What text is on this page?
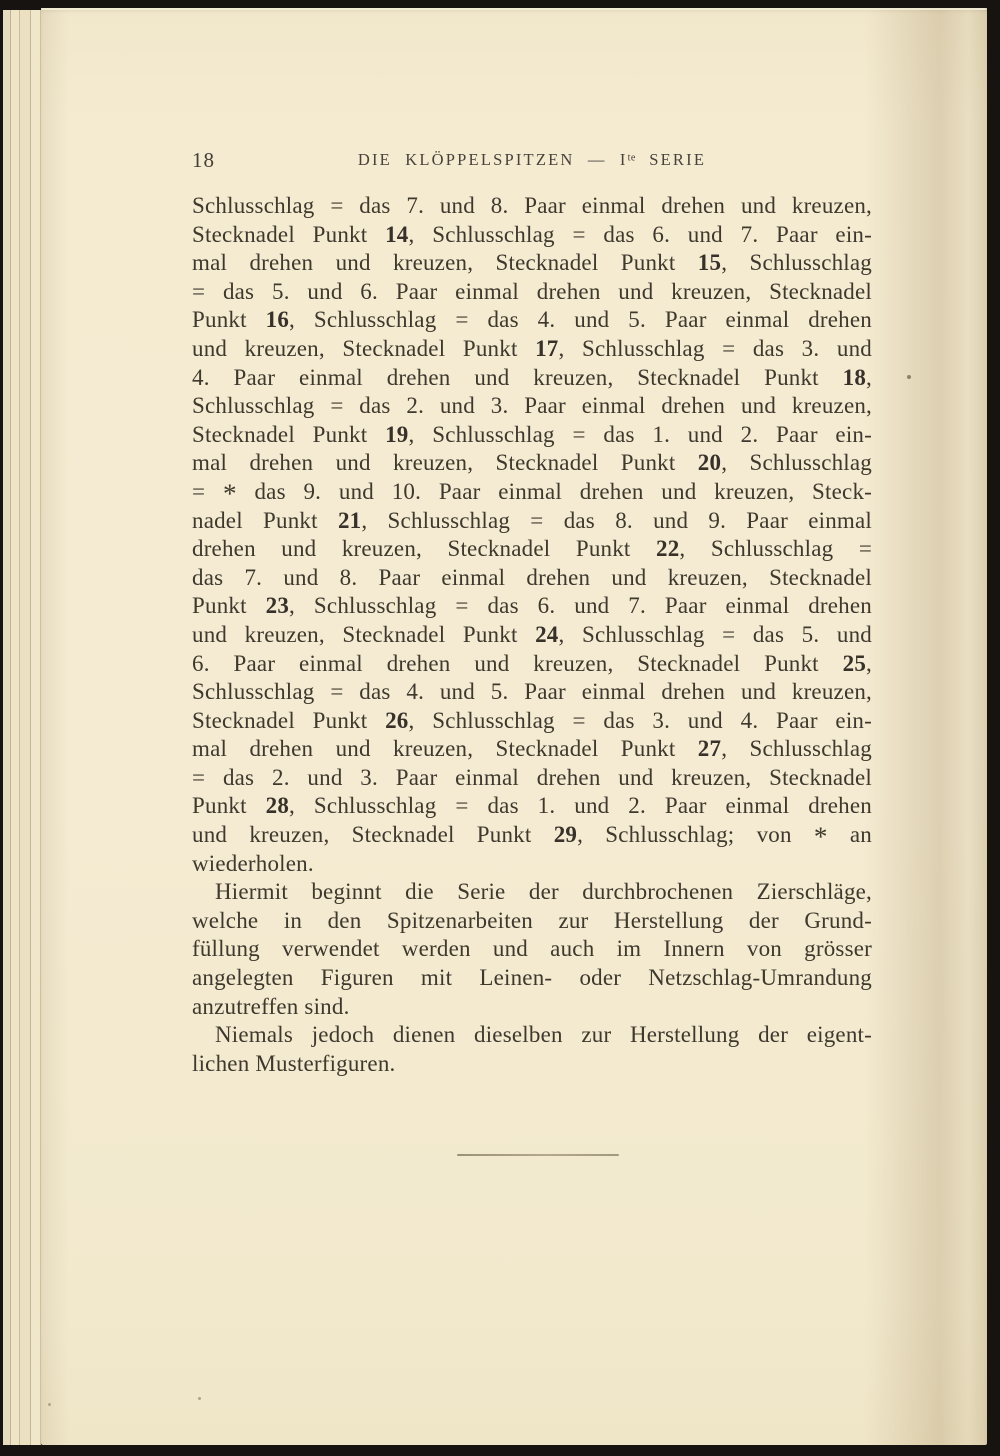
18	DIE KLÖPPELSPITZEN — $I^{te}$ SERIE
Schlusschlag = das 7. und 8. Paar einmal drehen und kreuzen,
Stecknadel Punkt 14, Schlusschlag = das 6. und 7. Paar ein-
mal drehen und kreuzen, Stecknadel Punkt 15, Schlusschlag
= das 5. und 6. Paar einmal drehen und kreuzen, Stecknadel
Punkt 16, Schlusschlag = das 4. und 5. Paar einmal drehen
und kreuzen, Stecknadel Punkt 17, Schlusschlag = das 3. und
4. Paar einmal drehen und kreuzen, Stecknadel Punkt 18,
Schlusschlag = das 2. und 3. Paar einmal drehen und kreuzen,
Stecknadel Punkt 19, Schlusschlag = das 1. und 2. Paar ein-
mal drehen und kreuzen, Stecknadel Punkt 20, Schlusschlag
= * das 9. und 10. Paar einmal drehen und kreuzen, Steck-
nadel Punkt 21, Schlusschlag = das 8. und 9. Paar einmal
drehen und kreuzen, Stecknadel Punkt 22, Schlusschlag =
das 7. und 8. Paar einmal drehen und kreuzen, Stecknadel
Punkt 23, Schlusschlag = das 6. und 7. Paar einmal drehen
und kreuzen, Stecknadel Punkt 24, Schlusschlag = das 5. und
6. Paar einmal drehen und kreuzen, Stecknadel Punkt 25,
Schlusschlag = das 4. und 5. Paar einmal drehen und kreuzen,
Stecknadel Punkt 26, Schlusschlag = das 3. und 4. Paar ein-
mal drehen und kreuzen, Stecknadel Punkt 27, Schlusschlag
= das 2. und 3. Paar einmal drehen und kreuzen, Stecknadel
Punkt 28, Schlusschlag = das 1. und 2. Paar einmal drehen
und kreuzen, Stecknadel Punkt 29, Schlusschlag; von * an
wiederholen.
Hiermit beginnt die Serie der durchbrochenen Zierschläge,
welche in den Spitzenarbeiten zur Herstellung der Grund-
füllung verwendet werden und auch im Innern von grösser
angelegten Figuren mit Leinen- oder Netzschlag-Umrandung
anzutreffen sind.
Niemals jedoch dienen dieselben zur Herstellung der eigent-
lichen Musterfiguren.
